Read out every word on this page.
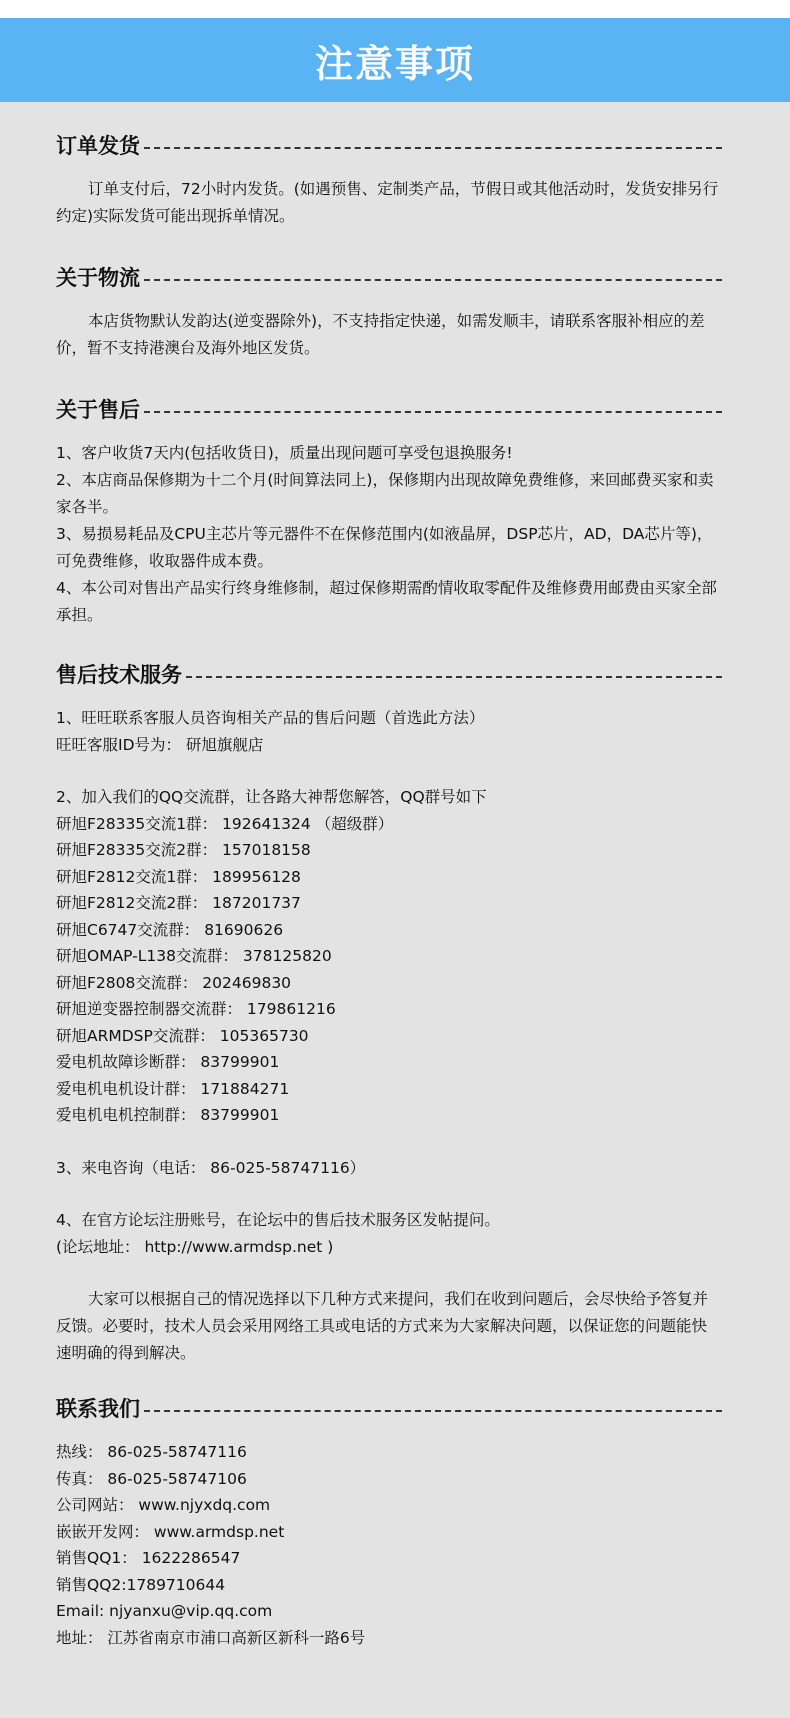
注意事项
订单发货
订单支付后，72小时内发货。(如遇预售、定制类产品，节假日或其他活动时，发货安排另行约定)实际发货可能出现拆单情况。
关于物流
本店货物默认发韵达(逆变器除外)，不支持指定快递，如需发顺丰，请联系客服补相应的差价，暂不支持港澳台及海外地区发货。
关于售后
1、客户收货7天内(包括收货日)，质量出现问题可享受包退换服务!
2、本店商品保修期为十二个月(时间算法同上)，保修期内出现故障免费维修，来回邮费买家和卖家各半。
3、易损易耗品及CPU主芯片等元器件不在保修范围内(如液晶屏，DSP芯片，AD，DA芯片等)，可免费维修，收取器件成本费。
4、本公司对售出产品实行终身维修制，超过保修期需酌情收取零配件及维修费用邮费由买家全部承担。
售后技术服务
1、旺旺联系客服人员咨询相关产品的售后问题（首选此方法）
旺旺客服ID号为： 研旭旗舰店
2、加入我们的QQ交流群，让各路大神帮您解答，QQ群号如下
研旭F28335交流1群： 192641324 （超级群）
研旭F28335交流2群： 157018158
研旭F2812交流1群： 189956128
研旭F2812交流2群： 187201737
研旭C6747交流群： 81690626
研旭OMAP-L138交流群： 378125820
研旭F2808交流群： 202469830
研旭逆变器控制器交流群： 179861216
研旭ARMDSP交流群： 105365730
爱电机故障诊断群： 83799901
爱电机电机设计群： 171884271
爱电机电机控制群： 83799901
3、来电咨询（电话： 86-025-58747116）
4、在官方论坛注册账号，在论坛中的售后技术服务区发帖提问。
(论坛地址： http://www.armdsp.net )
大家可以根据自己的情况选择以下几种方式来提问，我们在收到问题后，会尽快给予答复并反馈。必要时，技术人员会采用网络工具或电话的方式来为大家解决问题，以保证您的问题能快速明确的得到解决。
联系我们
热线： 86-025-58747116
传真： 86-025-58747106
公司网站： www.njyxdq.com
嵌嵌开发网： www.armdsp.net
销售QQ1： 1622286547
销售QQ2:1789710644
Email: njyanxu@vip.qq.com
地址： 江苏省南京市浦口高新区新科一路6号
